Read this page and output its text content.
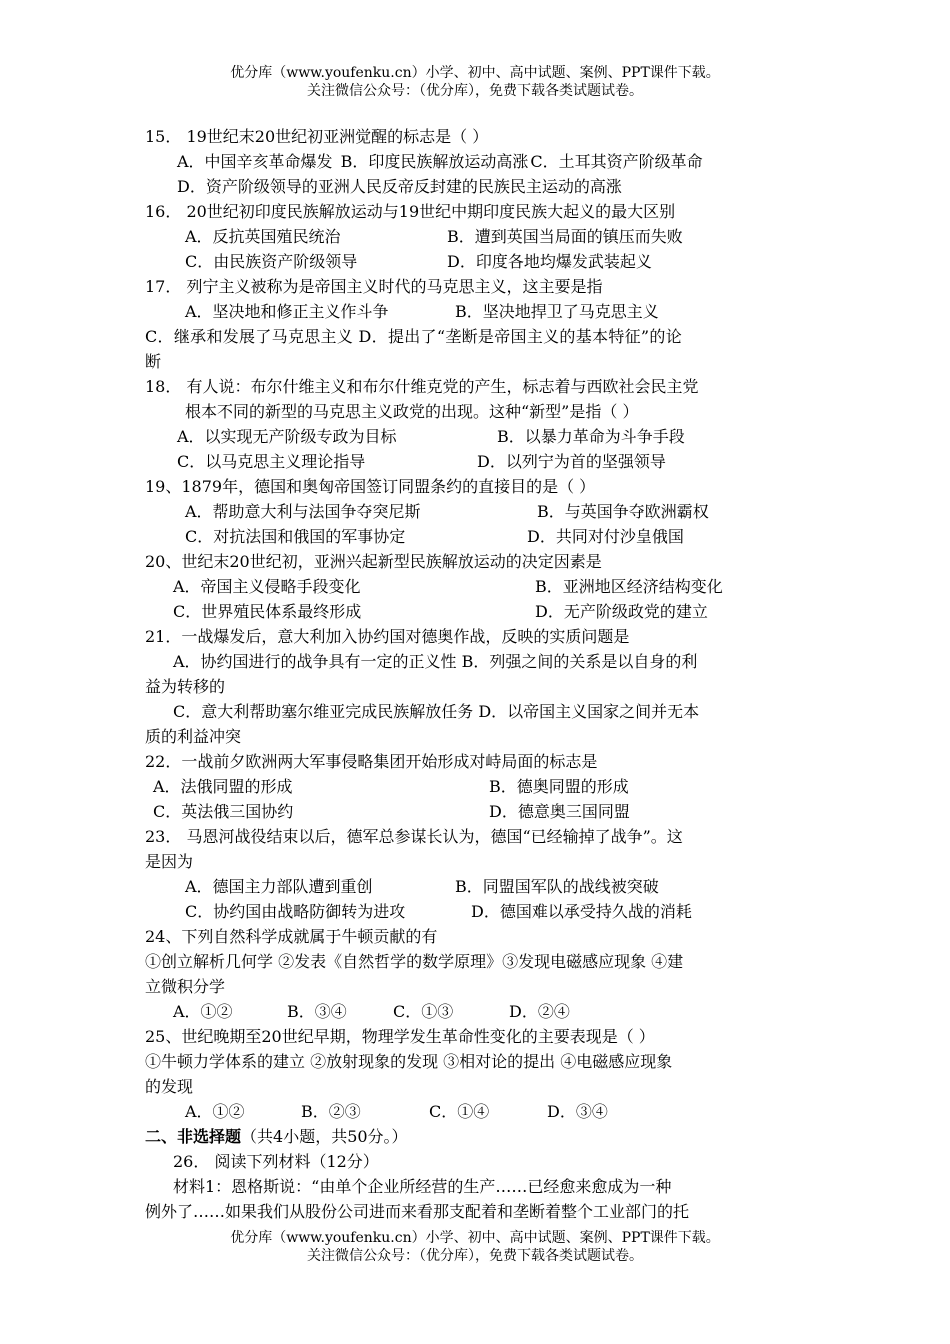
优分库（www.youfenku.cn）小学、初中、高中试题、案例、PPT课件下载。
关注微信公众号：（优分库），免费下载各类试题试卷。
15． 19世纪末20世纪初亚洲觉醒的标志是（ ）
A．中国辛亥革命爆发 B．印度民族解放运动高涨 C．土耳其资产阶级革命
D．资产阶级领导的亚洲人民反帝反封建的民族民主运动的高涨
16． 20世纪初印度民族解放运动与19世纪中期印度民族大起义的最大区别
A．反抗英国殖民统治	B．遭到英国当局面的镇压而失败
C．由民族资产阶级领导	D．印度各地均爆发武装起义
17． 列宁主义被称为是帝国主义时代的马克思主义，这主要是指
A．坚决地和修正主义作斗争	B．坚决地捍卫了马克思主义
C．继承和发展了马克思主义 D．提出了“垄断是帝国主义的基本特征”的论
断
18． 有人说：布尔什维主义和布尔什维克党的产生，标志着与西欧社会民主党
根本不同的新型的马克思主义政党的出现。这种“新型”是指（ ）
A．以实现无产阶级专政为目标	B．以暴力革命为斗争手段
C．以马克思主义理论指导	D．以列宁为首的坚强领导
19、1879年，德国和奥匈帝国签订同盟条约的直接目的是（ ）
A．帮助意大利与法国争夺突尼斯	B．与英国争夺欧洲霸权
C．对抗法国和俄国的军事协定	D．共同对付沙皇俄国
20、世纪末20世纪初，亚洲兴起新型民族解放运动的决定因素是
A．帝国主义侵略手段变化	B．亚洲地区经济结构变化
C．世界殖民体系最终形成	D．无产阶级政党的建立
21．一战爆发后，意大利加入协约国对德奥作战，反映的实质问题是
A．协约国进行的战争具有一定的正义性 B．列强之间的关系是以自身的利
益为转移的
C．意大利帮助塞尔维亚完成民族解放任务 D．以帝国主义国家之间并无本
质的利益冲突
22．一战前夕欧洲两大军事侵略集团开始形成对峙局面的标志是
A．法俄同盟的形成	B．德奥同盟的形成
C．英法俄三国协约	D．德意奥三国同盟
23． 马恩河战役结束以后，德军总参谋长认为，德国“已经输掉了战争”。这
是因为
A．德国主力部队遭到重创	B．同盟国军队的战线被突破
C．协约国由战略防御转为进攻	D．德国难以承受持久战的消耗
24、下列自然科学成就属于牛顿贡献的有
①创立解析几何学 ②发表《自然哲学的数学原理》③发现电磁感应现象 ④建
立微积分学
A．①②	B．③④	C．①③	D．②④
25、世纪晚期至20世纪早期，物理学发生革命性变化的主要表现是（ ）
①牛顿力学体系的建立 ②放射现象的发现 ③相对论的提出 ④电磁感应现象
的发现
A．①②	B．②③	C．①④	D．③④
二、非选择题 （共4小题，共50分。）
26． 阅读下列材料（12分）
材料1：恩格斯说：“由单个企业所经营的生产……已经愈来愈成为一种
例外了……如果我们从股份公司进而来看那支配着和垄断着整个工业部门的托
优分库（www.youfenku.cn）小学、初中、高中试题、案例、PPT课件下载。
关注微信公众号：（优分库），免费下载各类试题试卷。
